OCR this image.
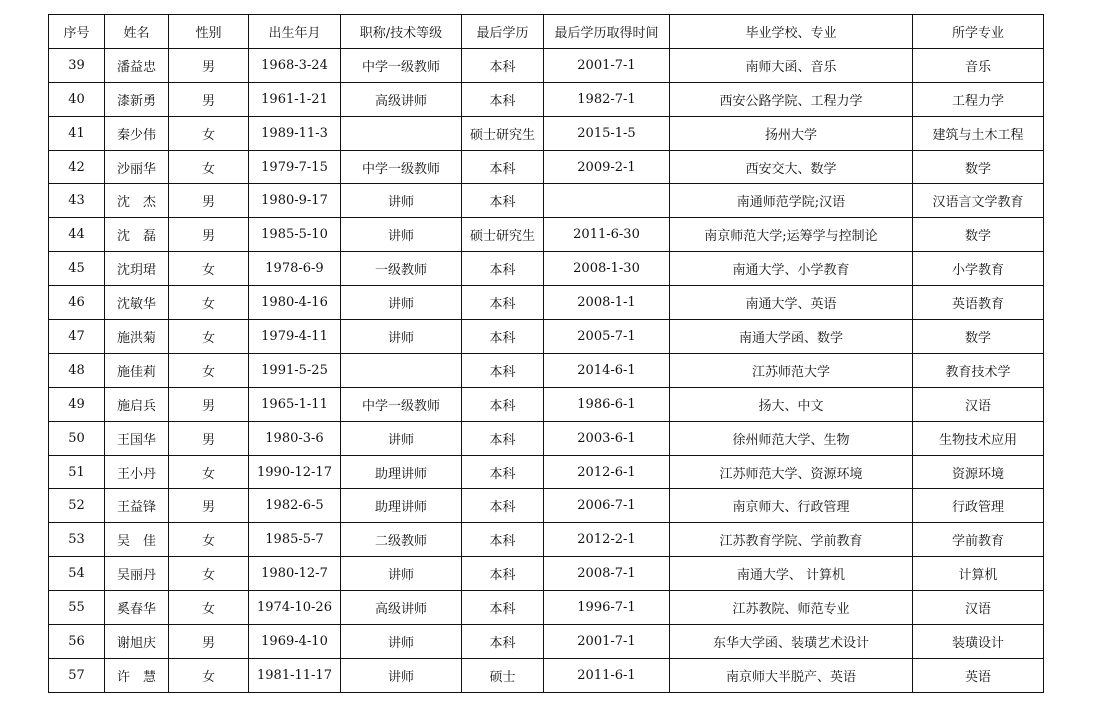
序号	姓名	性别	出生年月	职称/技术等级	最后学历	最后学历取得时间	毕业学校、专业	所学专业
39	潘益忠	男	1968-3-24	中学一级教师	本科	2001-7-1	南师大函、音乐	音乐
40	漆新勇	男	1961-1-21	高级讲师	本科	1982-7-1	西安公路学院、工程力学	工程力学
41	秦少伟	女	1989-11-3		硕士研究生	2015-1-5	扬州大学	建筑与土木工程
42	沙丽华	女	1979-7-15	中学一级教师	本科	2009-2-1	西安交大、数学	数学
43	沈　杰	男	1980-9-17	讲师	本科		南通师范学院;汉语	汉语言文学教育
44	沈　磊	男	1985-5-10	讲师	硕士研究生	2011-6-30	南京师范大学;运筹学与控制论	数学
45	沈玥珺	女	1978-6-9	一级教师	本科	2008-1-30	南通大学、小学教育	小学教育
46	沈敏华	女	1980-4-16	讲师	本科	2008-1-1	南通大学、英语	英语教育
47	施洪菊	女	1979-4-11	讲师	本科	2005-7-1	南通大学函、数学	数学
48	施佳莉	女	1991-5-25		本科	2014-6-1	江苏师范大学	教育技术学
49	施启兵	男	1965-1-11	中学一级教师	本科	1986-6-1	扬大、中文	汉语
50	王国华	男	1980-3-6	讲师	本科	2003-6-1	徐州师范大学、生物	生物技术应用
51	王小丹	女	1990-12-17	助理讲师	本科	2012-6-1	江苏师范大学、资源环境	资源环境
52	王益锋	男	1982-6-5	助理讲师	本科	2006-7-1	南京师大、行政管理	行政管理
53	吴　佳	女	1985-5-7	二级教师	本科	2012-2-1	江苏教育学院、学前教育	学前教育
54	吴丽丹	女	1980-12-7	讲师	本科	2008-7-1	南通大学、 计算机	计算机
55	奚春华	女	1974-10-26	高级讲师	本科	1996-7-1	江苏教院、师范专业	汉语
56	谢旭庆	男	1969-4-10	讲师	本科	2001-7-1	东华大学函、装璜艺术设计	装璜设计
57	许　慧	女	1981-11-17	讲师	硕士	2011-6-1	南京师大半脱产、英语	英语
